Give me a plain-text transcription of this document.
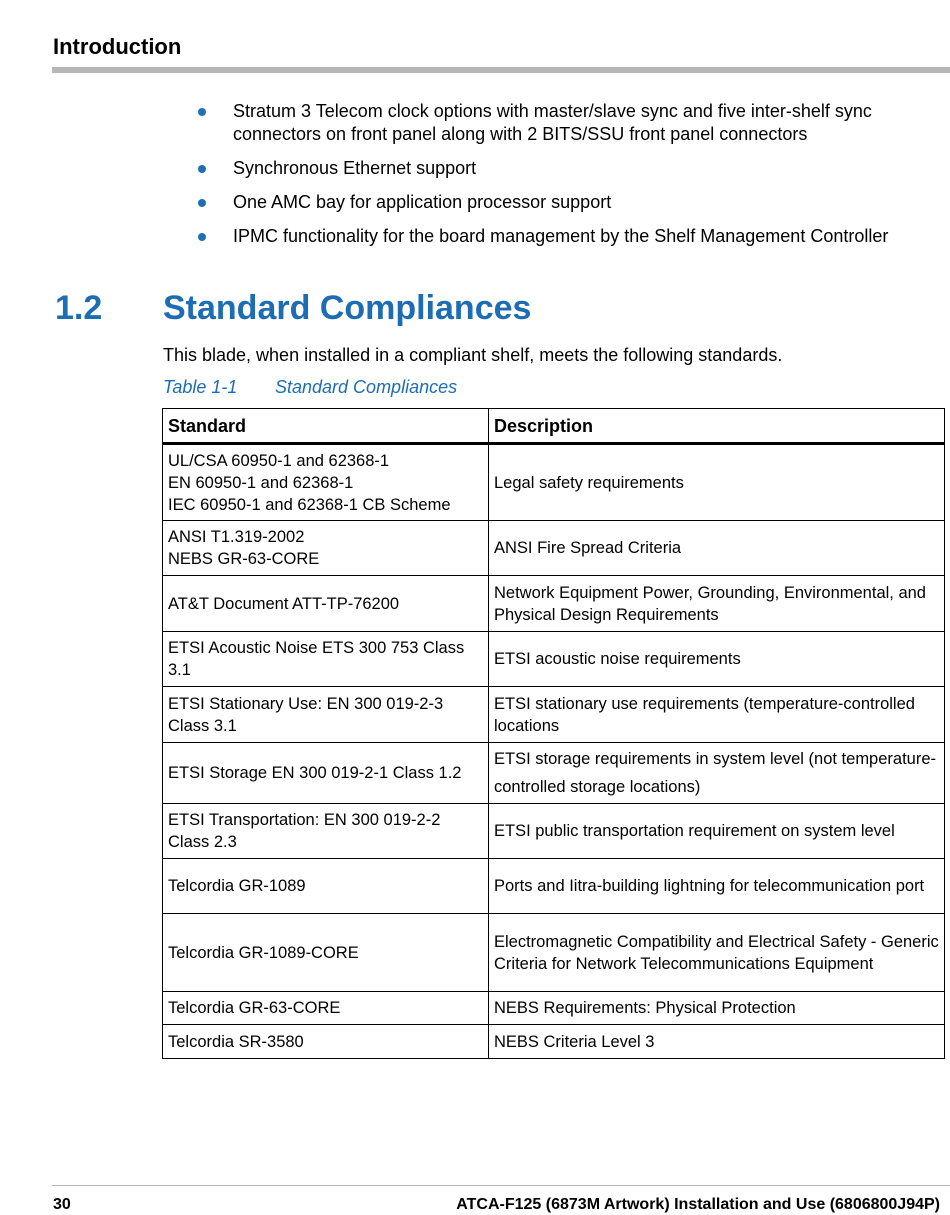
Introduction
Stratum 3 Telecom clock options with master/slave sync and five inter-shelf sync connectors on front panel along with 2 BITS/SSU front panel connectors
Synchronous Ethernet support
One AMC bay for application processor support
IPMC functionality for the board management by the Shelf Management Controller
1.2 Standard Compliances
This blade, when installed in a compliant shelf, meets the following standards.
Table 1-1 Standard Compliances
Standard	Description
UL/CSA 60950-1 and 62368-1
EN 60950-1 and 62368-1
IEC 60950-1 and 62368-1 CB Scheme	Legal safety requirements
ANSI T1.319-2002
NEBS GR-63-CORE	ANSI Fire Spread Criteria
AT&T Document ATT-TP-76200	Network Equipment Power, Grounding, Environmental, and Physical Design Requirements
ETSI Acoustic Noise ETS 300 753 Class 3.1	ETSI acoustic noise requirements
ETSI Stationary Use: EN 300 019-2-3 Class 3.1	ETSI stationary use requirements (temperature-controlled locations
ETSI Storage EN 300 019-2-1 Class 1.2	ETSI storage requirements in system level (not temperature- controlled storage locations)
ETSI Transportation: EN 300 019-2-2 Class 2.3	ETSI public transportation requirement on system level
Telcordia GR-1089	Ports and Iitra-building lightning for telecommunication port
Telcordia GR-1089-CORE	Electromagnetic Compatibility and Electrical Safety - Generic Criteria for Network Telecommunications Equipment
Telcordia GR-63-CORE	NEBS Requirements: Physical Protection
Telcordia SR-3580	NEBS Criteria Level 3
30	ATCA-F125 (6873M Artwork) Installation and Use (6806800J94P)
